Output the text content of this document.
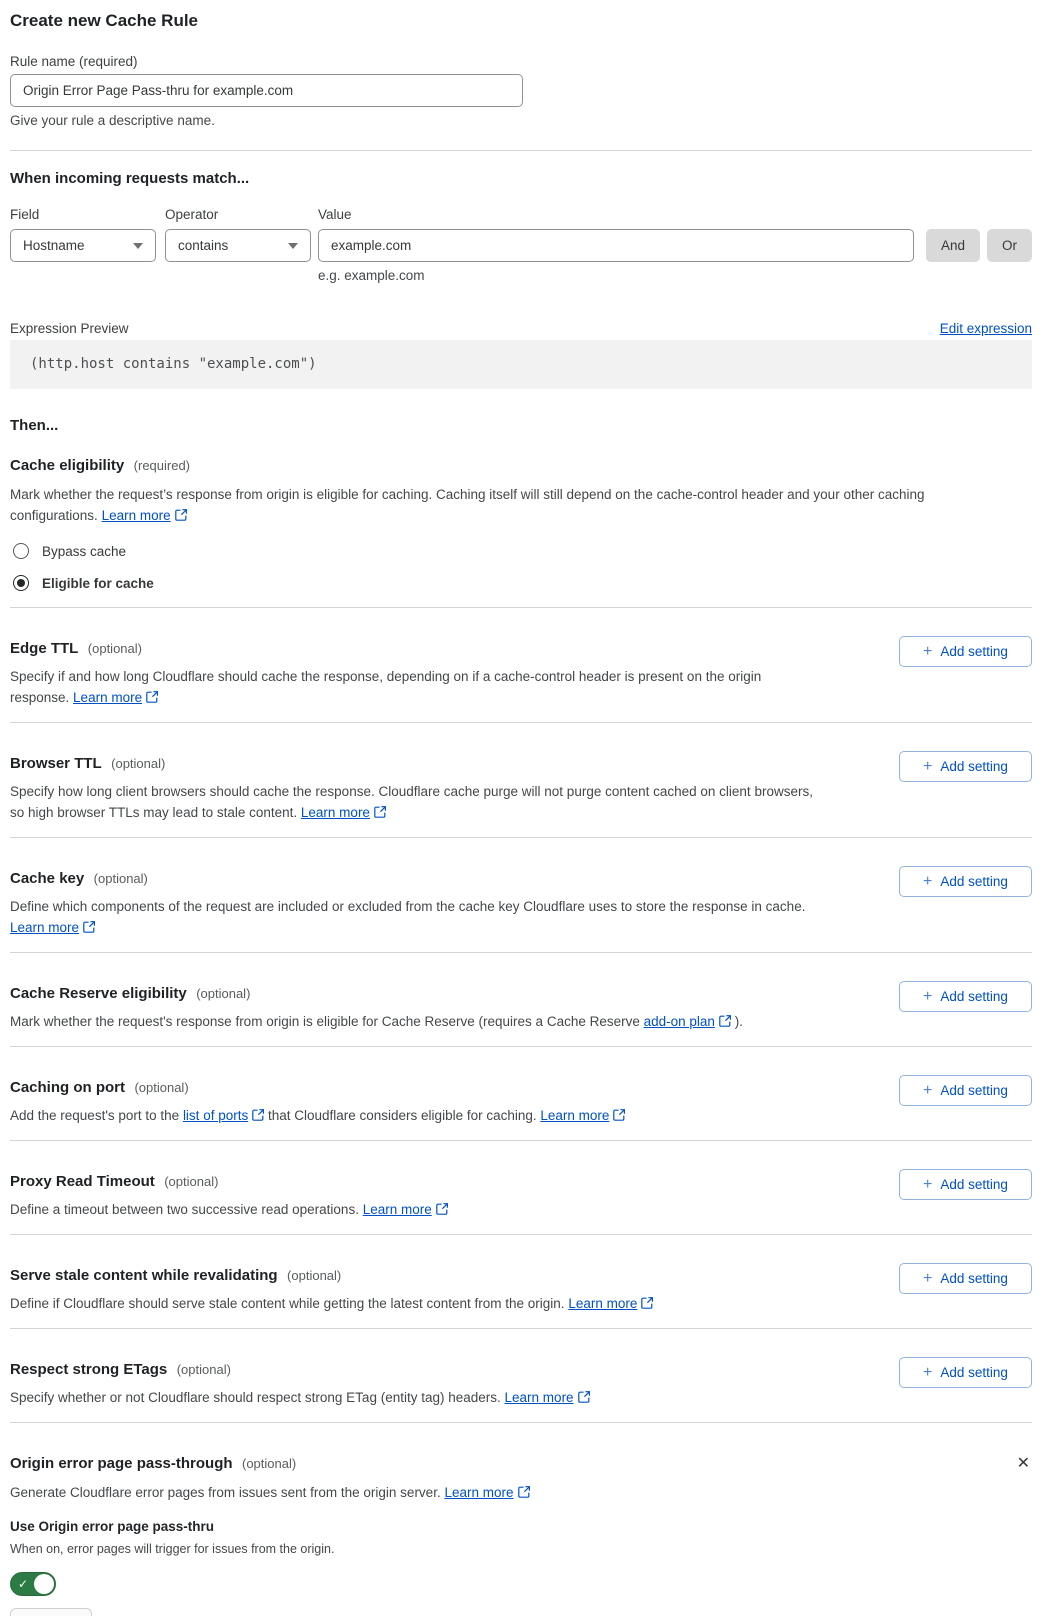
Create new Cache Rule
Rule name (required)
Origin Error Page Pass-thru for example.com
Give your rule a descriptive name.
When incoming requests match...
Field
Hostname
Operator
contains
Value
example.com
e.g. example.com
And	Or
Expression Preview	Edit expression
(http.host contains "example.com")
Then...
Cache eligibility (required)

Mark whether the request’s response from origin is eligible for caching. Caching itself will still depend on the cache-control header and your other caching configurations. Learn more

Bypass cache
Eligible for cache
Edge TTL (optional)

Specify if and how long Cloudflare should cache the response, depending on if a cache-control header is present on the origin response. Learn more

+ Add setting
Browser TTL (optional)

Specify how long client browsers should cache the response. Cloudflare cache purge will not purge content cached on client browsers, so high browser TTLs may lead to stale content. Learn more

+ Add setting
Cache key (optional)

Define which components of the request are included or excluded from the cache key Cloudflare uses to store the response in cache. Learn more

+ Add setting
Cache Reserve eligibility (optional)

Mark whether the request's response from origin is eligible for Cache Reserve (requires a Cache Reserve add-on plan ).

+ Add setting
Caching on port (optional)

Add the request's port to the list of ports that Cloudflare considers eligible for caching. Learn more

+ Add setting
Proxy Read Timeout (optional)

Define a timeout between two successive read operations. Learn more

+ Add setting
Serve stale content while revalidating (optional)

Define if Cloudflare should serve stale content while getting the latest content from the origin. Learn more

+ Add setting
Respect strong ETags (optional)

Specify whether or not Cloudflare should respect strong ETag (entity tag) headers. Learn more

+ Add setting
Origin error page pass-through (optional)	✕

Generate Cloudflare error pages from issues sent from the origin server. Learn more

Use Origin error page pass-thru
When on, error pages will trigger for issues from the origin.
✓
